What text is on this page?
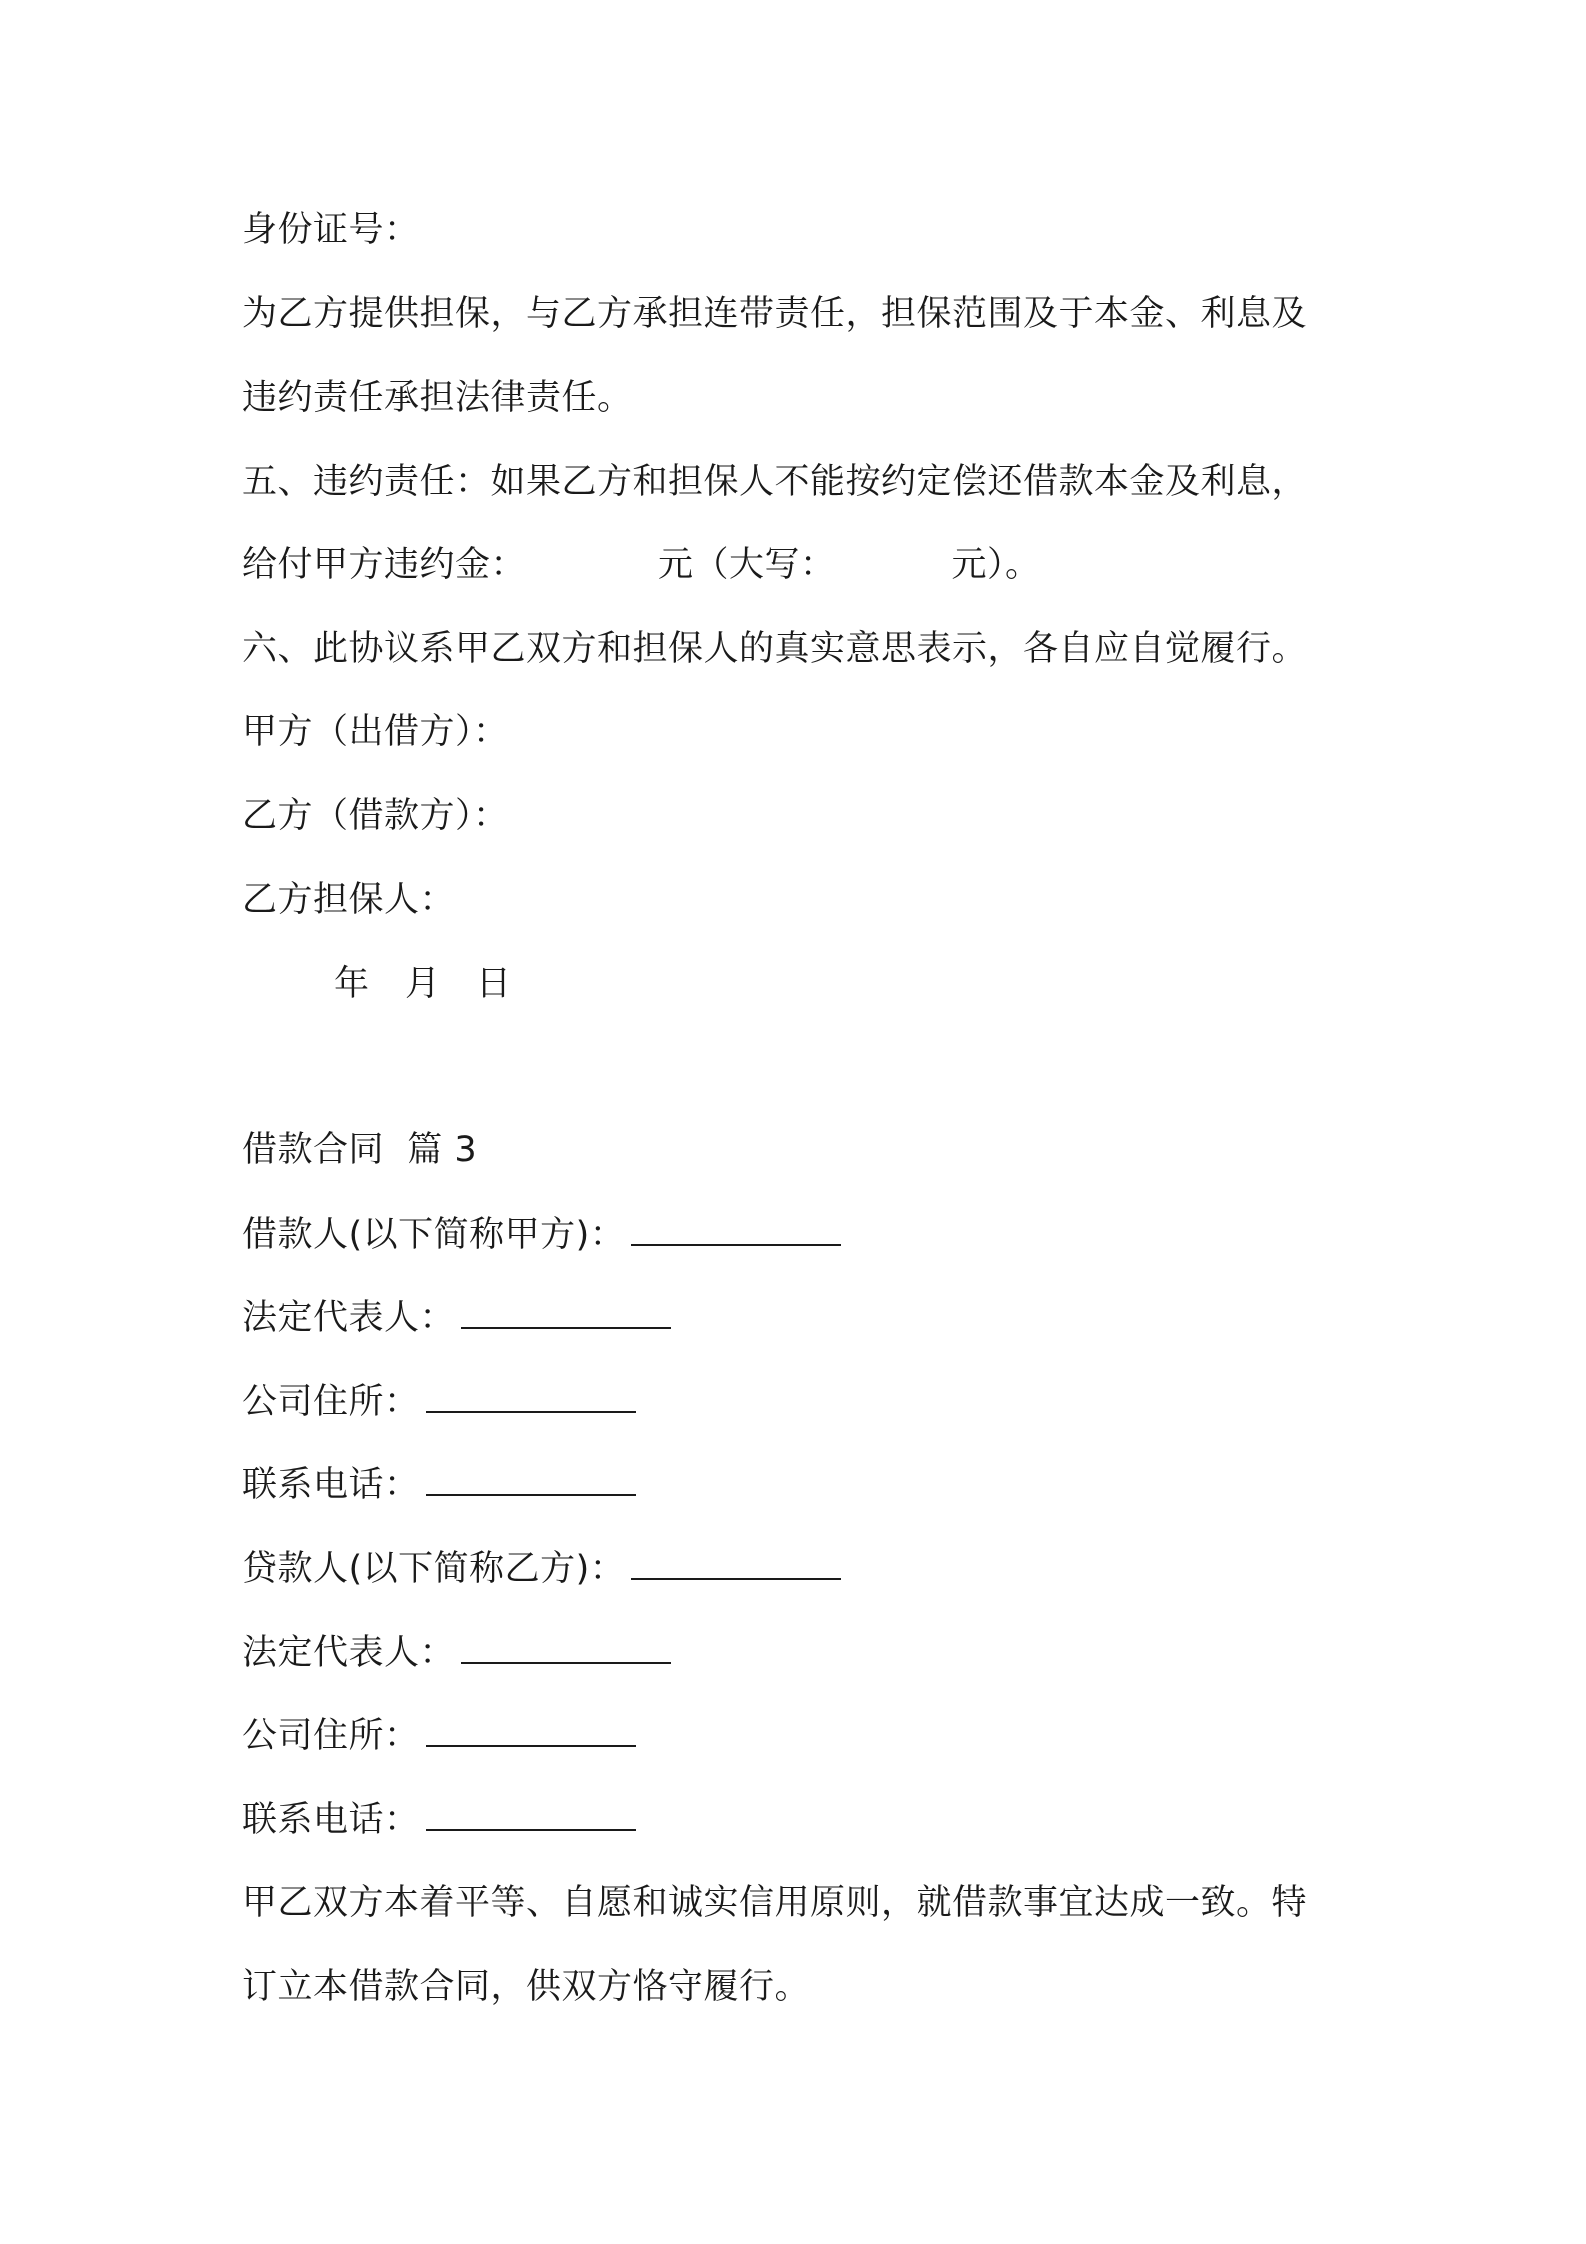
身份证号：
为乙方提供担保，与乙方承担连带责任，担保范围及于本金、利息及
违约责任承担法律责任。
五、违约责任：如果乙方和担保人不能按约定偿还借款本金及利息，
给付甲方违约金：	元（大写：	元）。
六、此协议系甲乙双方和担保人的真实意思表示，各自应自觉履行。
甲方（出借方）：
乙方（借款方）：
乙方担保人：
年　月　日
借款合同  篇 3
借款人(以下简称甲方)：
法定代表人：
公司住所：
联系电话：
贷款人(以下简称乙方)：
法定代表人：
公司住所：
联系电话：
甲乙双方本着平等、自愿和诚实信用原则，就借款事宜达成一致。特
订立本借款合同，供双方恪守履行。
